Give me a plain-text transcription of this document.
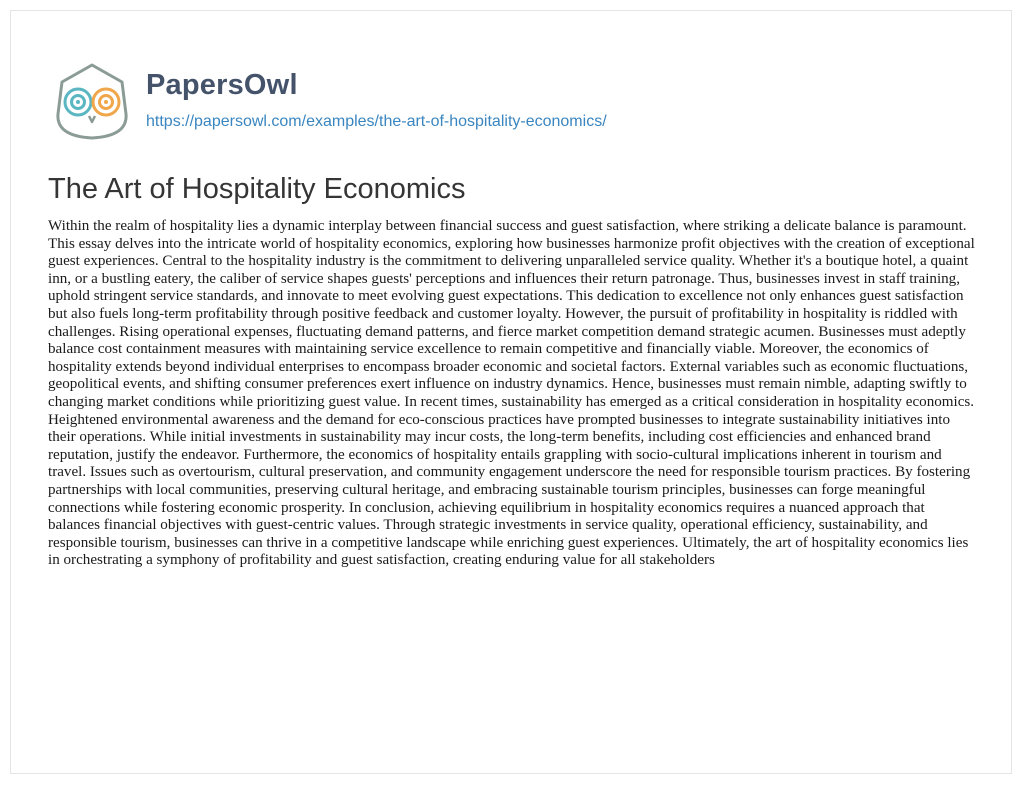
PapersOwl
https://papersowl.com/examples/the-art-of-hospitality-economics/
The Art of Hospitality Economics

Within the realm of hospitality lies a dynamic interplay between financial success and guest satisfaction, where striking a delicate balance is paramount. This essay delves into the intricate world of hospitality economics, exploring how businesses harmonize profit objectives with the creation of exceptional guest experiences. Central to the hospitality industry is the commitment to delivering unparalleled service quality. Whether it's a boutique hotel, a quaint inn, or a bustling eatery, the caliber of service shapes guests' perceptions and influences their return patronage. Thus, businesses invest in staff training, uphold stringent service standards, and innovate to meet evolving guest expectations. This dedication to excellence not only enhances guest satisfaction but also fuels long-term profitability through positive feedback and customer loyalty. However, the pursuit of profitability in hospitality is riddled with challenges. Rising operational expenses, fluctuating demand patterns, and fierce market competition demand strategic acumen. Businesses must adeptly balance cost containment measures with maintaining service excellence to remain competitive and financially viable. Moreover, the economics of hospitality extends beyond individual enterprises to encompass broader economic and societal factors. External variables such as economic fluctuations, geopolitical events, and shifting consumer preferences exert influence on industry dynamics. Hence, businesses must remain nimble, adapting swiftly to changing market conditions while prioritizing guest value. In recent times, sustainability has emerged as a critical consideration in hospitality economics. Heightened environmental awareness and the demand for eco-conscious practices have prompted businesses to integrate sustainability initiatives into their operations. While initial investments in sustainability may incur costs, the long-term benefits, including cost efficiencies and enhanced brand reputation, justify the endeavor. Furthermore, the economics of hospitality entails grappling with socio-cultural implications inherent in tourism and travel. Issues such as overtourism, cultural preservation, and community engagement underscore the need for responsible tourism practices. By fostering partnerships with local communities, preserving cultural heritage, and embracing sustainable tourism principles, businesses can forge meaningful connections while fostering economic prosperity. In conclusion, achieving equilibrium in hospitality economics requires a nuanced approach that balances financial objectives with guest-centric values. Through strategic investments in service quality, operational efficiency, sustainability, and responsible tourism, businesses can thrive in a competitive landscape while enriching guest experiences. Ultimately, the art of hospitality economics lies in orchestrating a symphony of profitability and guest satisfaction, creating enduring value for all stakeholders
